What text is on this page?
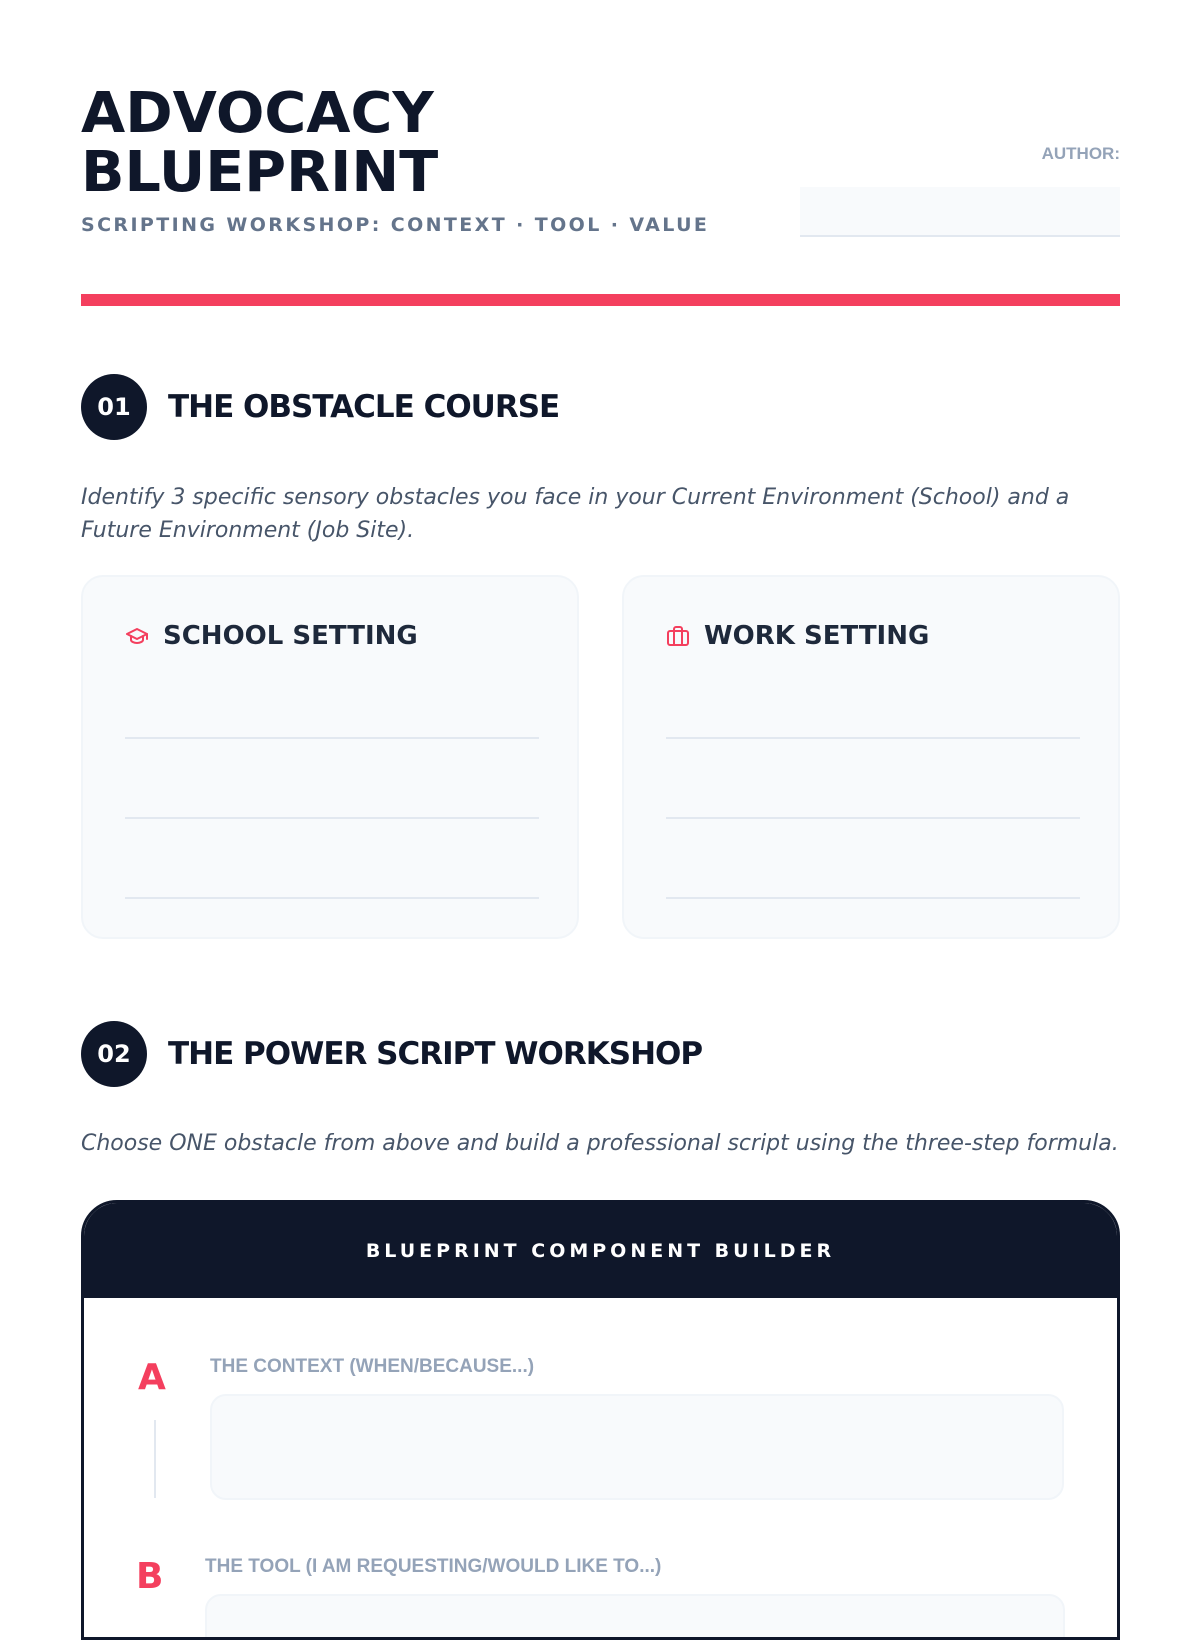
ADVOCACY
BLUEPRINT
SCRIPTING WORKSHOP: CONTEXT · TOOL · VALUE
AUTHOR:
01	THE OBSTACLE COURSE
Identify 3 specific sensory obstacles you face in your Current Environment (School) and a Future Environment (Job Site).
SCHOOL SETTING	WORK SETTING
02	THE POWER SCRIPT WORKSHOP
Choose ONE obstacle from above and build a professional script using the three-step formula.
BLUEPRINT COMPONENT BUILDER
A THE CONTEXT (WHEN/BECAUSE...)
B THE TOOL (I AM REQUESTING/WOULD LIKE TO...)
